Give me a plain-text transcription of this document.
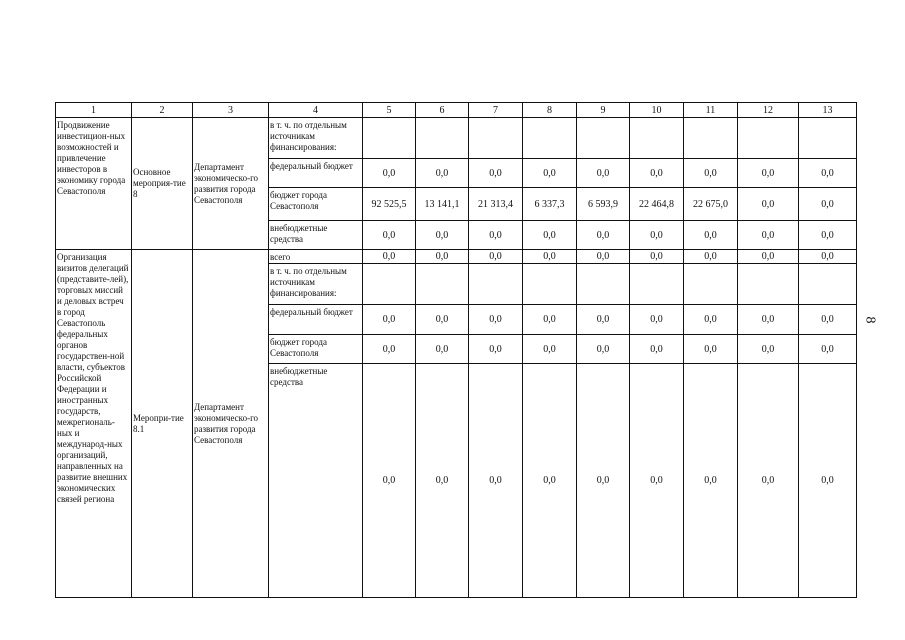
1	2	3	4	5	6	7	8	9	10	11	12	13
Продвижение инвестицион-ных возможностей и привлечение инвесторов в экономику города Севастополя	Основное мероприя-тие 8	Департамент экономическо-го развития города Севастополя	в т. ч. по отдельным источникам финансирования:									
			федеральный бюджет	0,0	0,0	0,0	0,0	0,0	0,0	0,0	0,0	0,0
			бюджет города Севастополя	92 525,5	13 141,1	21 313,4	6 337,3	6 593,9	22 464,8	22 675,0	0,0	0,0
			внебюджетные средства	0,0	0,0	0,0	0,0	0,0	0,0	0,0	0,0	0,0
Организация визитов делегаций (представите-лей), торговых миссий и деловых встреч в город Севастополь федеральных органов государствен-ной власти, субъектов Российской Федерации и иностранных государств, межрегиональ-ных и международ-ных организаций, направленных на развитие внешних экономических связей региона	Меропри-тие 8.1	Департамент экономическо-го развития города Севастополя	всего	0,0	0,0	0,0	0,0	0,0	0,0	0,0	0,0	0,0
			в т. ч. по отдельным источникам финансирования:									
			федеральный бюджет	0,0	0,0	0,0	0,0	0,0	0,0	0,0	0,0	0,0
			бюджет города Севастополя	0,0	0,0	0,0	0,0	0,0	0,0	0,0	0,0	0,0
			внебюджетные средства	0,0	0,0	0,0	0,0	0,0	0,0	0,0	0,0	0,0
8
